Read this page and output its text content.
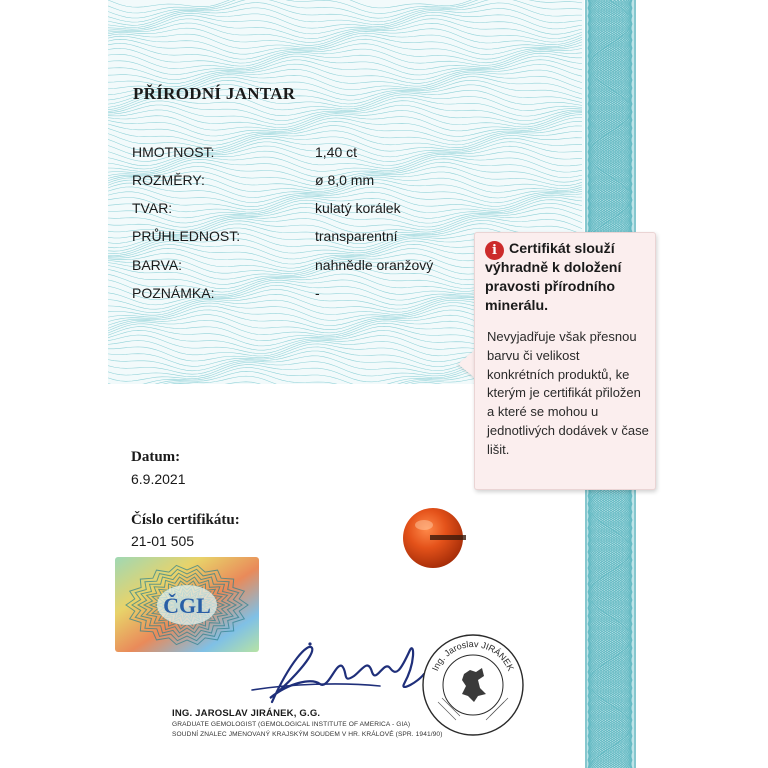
PŘÍRODNÍ JANTAR
HMOTNOST:	1,40 ct
ROZMĚRY:	ø 8,0 mm
TVAR:	kulatý korálek
PRŮHLEDNOST:	transparentní
BARVA:	nahnědle oranžový
POZNÁMKA:	-
Datum:
6.9.2021
Číslo certifikátu:
21-01 505
ČGL
Ing. Jaroslav JIRÁNEK
ING. JAROSLAV JIRÁNEK, G.G.
GRADUATE GEMOLOGIST (GEMOLOGICAL INSTITUTE OF AMERICA - GIA)
SOUDNÍ ZNALEC JMENOVANÝ KRAJSKÝM SOUDEM V HR. KRÁLOVÉ (SPR. 1941/90)
i Certifikát slouží výhradně k doložení pravosti přírodního minerálu.
Nevyjadřuje však přesnou barvu či velikost konkrétních produktů, ke kterým je certifikát přiložen a které se mohou u jednotlivých dodávek v čase lišit.
